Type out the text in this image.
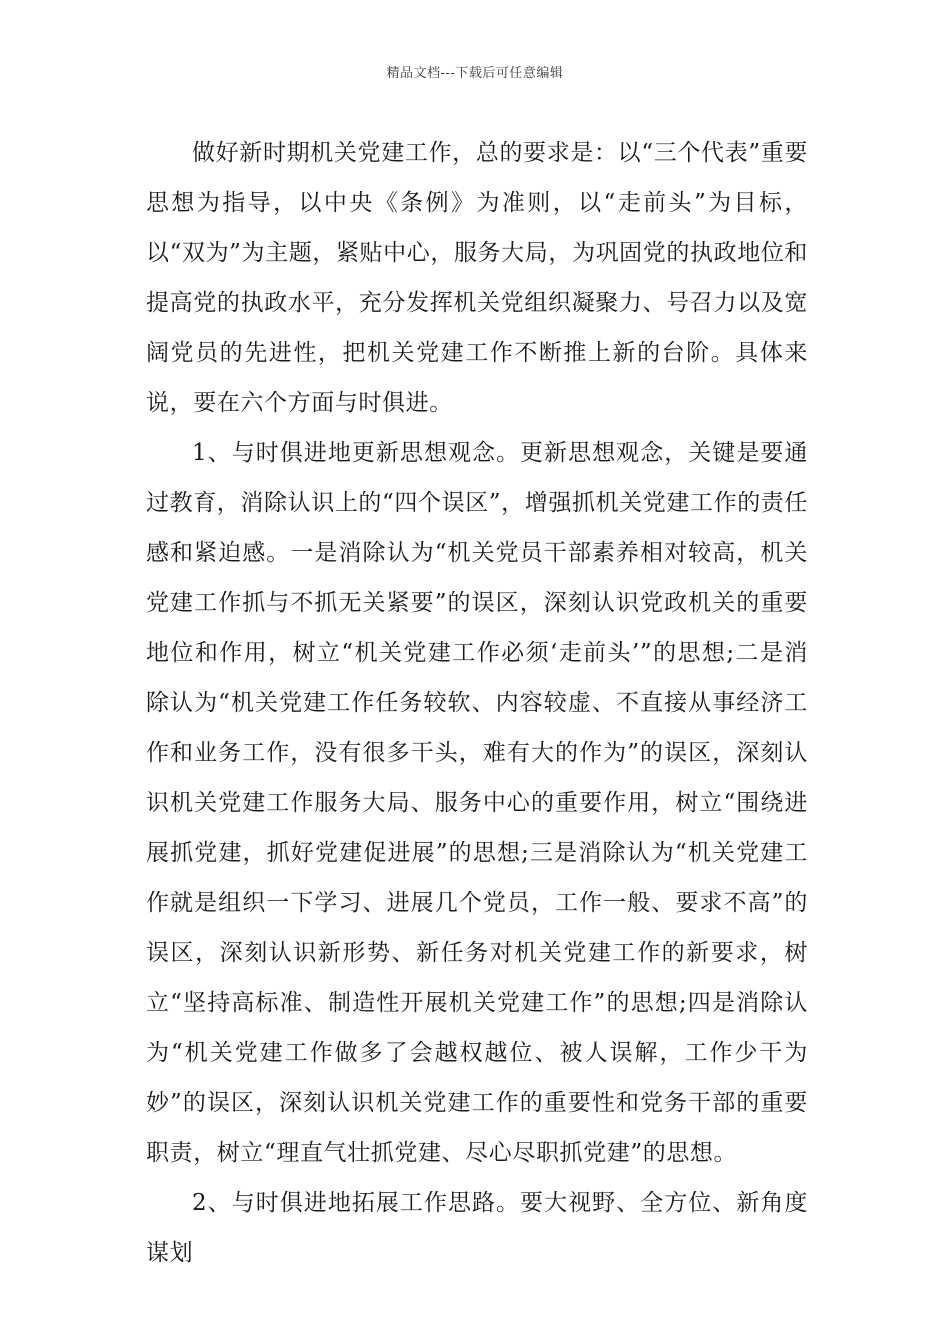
精品文档---下载后可任意编辑

做好新时期机关党建工作，总的要求是：以“三个代表”重要思想为指导，以中央《条例》为准则，以“走前头”为目标，以“双为”为主题，紧贴中心，服务大局，为巩固党的执政地位和提高党的执政水平，充分发挥机关党组织凝聚力、号召力以及宽阔党员的先进性，把机关党建工作不断推上新的台阶。具体来说，要在六个方面与时俱进。

1、与时俱进地更新思想观念。更新思想观念，关键是要通过教育，消除认识上的“四个误区”，增强抓机关党建工作的责任感和紧迫感。一是消除认为“机关党员干部素养相对较高，机关党建工作抓与不抓无关紧要”的误区，深刻认识党政机关的重要地位和作用，树立“机关党建工作必须‘走前头’”的思想;二是消除认为“机关党建工作任务较软、内容较虚、不直接从事经济工作和业务工作，没有很多干头，难有大的作为”的误区，深刻认识机关党建工作服务大局、服务中心的重要作用，树立“围绕进展抓党建，抓好党建促进展”的思想;三是消除认为“机关党建工作就是组织一下学习、进展几个党员，工作一般、要求不高”的误区，深刻认识新形势、新任务对机关党建工作的新要求，树立“坚持高标准、制造性开展机关党建工作”的思想;四是消除认为“机关党建工作做多了会越权越位、被人误解，工作少干为妙”的误区，深刻认识机关党建工作的重要性和党务干部的重要职责，树立“理直气壮抓党建、尽心尽职抓党建”的思想。

2、与时俱进地拓展工作思路。要大视野、全方位、新角度谋划
